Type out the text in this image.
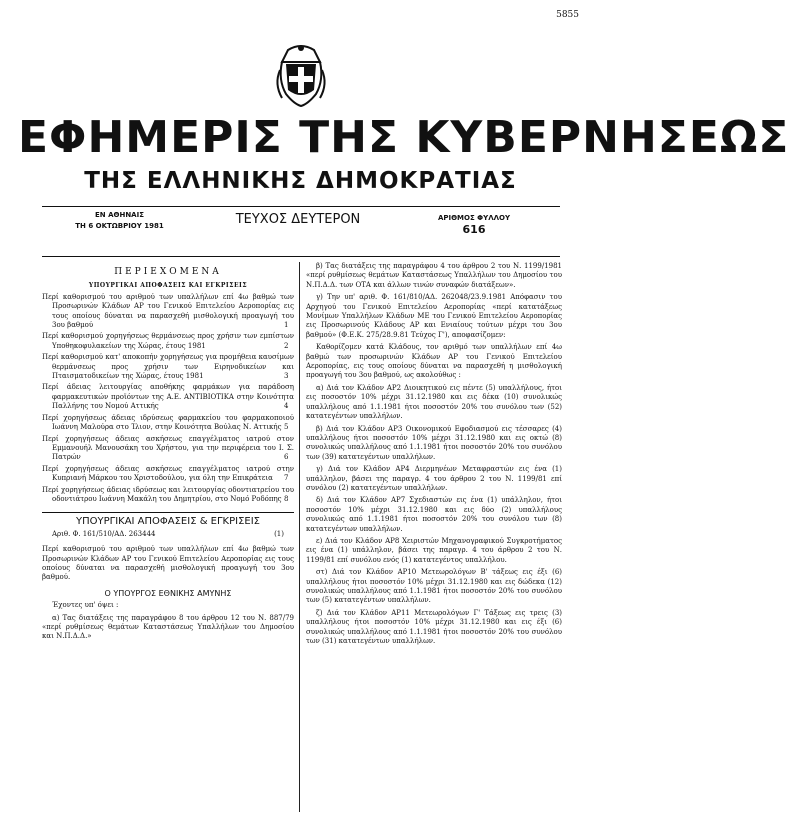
5855
ΕΦΗΜΕΡΙΣ ΤΗΣ ΚΥΒΕΡΝΗΣΕΩΣ
ΤΗΣ ΕΛΛΗΝΙΚΗΣ ΔΗΜΟΚΡΑΤΙΑΣ
ΕΝ ΑΘΗΝΑΙΣ
ΤΗ 6 ΟΚΤΩΒΡΙΟΥ 1981	ΤΕΥΧΟΣ ΔΕΥΤΕΡΟΝ	ΑΡΙΘΜΟΣ ΦΥΛΛΟΥ
616
ΠΕΡΙΕΧΟΜΕΝΑ
ΥΠΟΥΡΓΙΚΑΙ ΑΠΟΦΑΣΕΙΣ ΚΑΙ ΕΓΚΡΙΣΕΙΣ

Περί καθορισμού του αριθμού των υπαλλήλων επί 4ω βαθμώ των Προσωρινών Κλάδων ΑΡ του Γενικού Επιτελείου Αεροπορίας εις τους οποίους δύναται να παρασχεθή μισθολογική προαγωγή του 3ου βαθμού	1

Περί καθορισμού χορηγήσεως θερμάνσεως προς χρήσιν των εμπίστων Υποθηκοφυλακείων της Χώρας, έτους 1981	2

Περί καθορισμού κατ' αποκοπήν χορηγήσεως για προμήθεια καυσίμων θερμάνσεως προς χρήσιν των Ειρηνοδικείων και Πταισματοδικείων της Χώρας, έτους 1981	3

Περί άδειας λειτουργίας αποθήκης φαρμάκων για παράδοση φαρμακευτικών προϊόντων της Α.Ε. ΑΝΤΙΒΙΟΤΙΚΑ στην Κοινότητα Παλλήνης του Νομού Αττικής	4

Περί χορηγήσεως άδειας ιδρύσεως φαρμακείου του φαρμακοποιού Ιωάννη Μαλούρα στο Ίλιον, στην Κοινότητα Βούλας Ν. Αττικής 5

Περί χορηγήσεως άδειας ασκήσεως επαγγέλματος ιατρού στον Εμμανουήλ Μανουσάκη του Χρήστου, για την περιφέρεια του Ι. Σ. Πατρών	6

Περί χορηγήσεως άδειας ασκήσεως επαγγέλματος ιατρού στην Κυπριανή Μάρκου του Χριστοδούλου, για όλη την Επικράτεια 7

Περί χορηγήσεως άδειας ιδρύσεως και λειτουργίας οδοντιατρείου του οδοντιάτρου Ιωάννη Μακάλη του Δημητρίου, στο Νομό Ροδόπης 8

ΥΠΟΥΡΓΙΚΑΙ ΑΠΟΦΑΣΕΙΣ & ΕΓΚΡΙΣΕΙΣ
Αριθ. Φ. 161/510/ΑΔ. 263444	(1)

Περί καθορισμού του αριθμού των υπαλλήλων επί 4ω βαθμώ των Προσωρινών Κλάδων ΑΡ του Γενικού Επιτελείου Αεροπορίας εις τους οποίους δύναται να παρασχεθή μισθολογική προαγωγή του 3ου βαθμού.

Ο ΥΠΟΥΡΓΟΣ ΕΘΝΙΚΗΣ ΑΜΥΝΗΣ

Έχοντες υπ' όψει :

α) Τας διατάξεις της παραγράφου 8 του άρθρου 12 του Ν. 887/79 «περί ρυθμίσεως θεμάτων Καταστάσεως Υπαλλήλων του Δημοσίου και Ν.Π.Δ.Δ.»

β) Τας διατάξεις της παραγράφου 4 του άρθρου 2 του Ν. 1199/1981 «περί ρυθμίσεως θεμάτων Καταστάσεως Υπαλλήλων του Δημοσίου του Ν.Π.Δ.Δ. των ΟΤΑ και άλλων τινών συναφών διατάξεων».

γ) Την υπ' αριθ. Φ. 161/810/ΑΔ. 262048/23.9.1981 Απόφασιν του Αρχηγού του Γενικού Επιτελείου Αεροπορίας «περί κατατάξεως Μονίμων Υπαλλήλων Κλάδων ΜΕ του Γενικού Επιτελείου Αεροπορίας εις Προσωρινούς Κλάδους ΑΡ και Ενιαίους τούτων μέχρι του 3ου βαθμού» (Φ.Ε.Κ. 275/28.9.81 Τεύχος Γ'), αποφασίζομεν:

Καθορίζομεν κατά Κλάδους, τον αριθμό των υπαλλήλων επί 4ω βαθμώ των προσωρινών Κλάδων ΑΡ του Γενικού Επιτελείου Αεροπορίας, εις τους οποίους δύναται να παρασχεθή η μισθολογική προαγωγή του 3ου βαθμού, ως ακολούθως :

α) Διά τον Κλάδον ΑΡ2 Διοικητικού εις πέντε (5) υπαλλήλους, ήτοι εις ποσοστόν 10% μέχρι 31.12.1980 και εις δέκα (10) συνολικώς υπαλλήλους από 1.1.1981 ήτοι ποσοστόν 20% του συνόλου των (52) κατατεγέντων υπαλλήλων.

β) Διά τον Κλάδον ΑΡ3 Οικονομικού Εφοδιασμού εις τέσσαρες (4) υπαλλήλους ήτοι ποσοστόν 10% μέχρι 31.12.1980 και εις οκτώ (8) συνολικώς υπαλλήλους από 1.1.1981 ήτοι ποσοστόν 20% του συνόλου των (39) κατατεγέντων υπαλλήλων.

γ) Διά τον Κλάδον ΑΡ4 Διερμηνέων Μεταφραστών εις ένα (1) υπάλληλον, βάσει της παραγρ. 4 του άρθρου 2 του Ν. 1199/81 επί συνόλου (2) κατατεγέντων υπαλλήλων.

δ) Διά τον Κλάδον ΑΡ7 Σχεδιαστών εις ένα (1) υπάλληλον, ήτοι ποσοστόν 10% μέχρι 31.12.1980 και εις δύο (2) υπαλλήλους συνολικώς από 1.1.1981 ήτοι ποσοστόν 20% του συνόλου των (8) κατατεγέντων υπαλλήλων.

ε) Διά τον Κλάδον ΑΡ8 Χειριστών Μηχανογραφικού Συγκροτήματος εις ένα (1) υπάλληλον, βάσει της παραγρ. 4 του άρθρου 2 του Ν. 1199/81 επί συνόλου ενός (1) κατατεγέντος υπαλλήλου.

στ) Διά τον Κλάδον ΑΡ10 Μετεωρολόγων Β' τάξεως εις έξι (6) υπαλλήλους ήτοι ποσοστόν 10% μέχρι 31.12.1980 και εις δώδεκα (12) συνολικώς υπαλλήλους από 1.1.1981 ήτοι ποσοστόν 20% του συνόλου των (5) κατατεγέντων υπαλλήλων.

ζ) Διά τον Κλάδον ΑΡ11 Μετεωρολόγων Γ' Τάξεως εις τρεις (3) υπαλλήλους ήτοι ποσοστόν 10% μέχρι 31.12.1980 και εις έξι (6) συνολικώς υπαλλήλους από 1.1.1981 ήτοι ποσοστόν 20% του συνόλου των (31) κατατεγέντων υπαλλήλων.
